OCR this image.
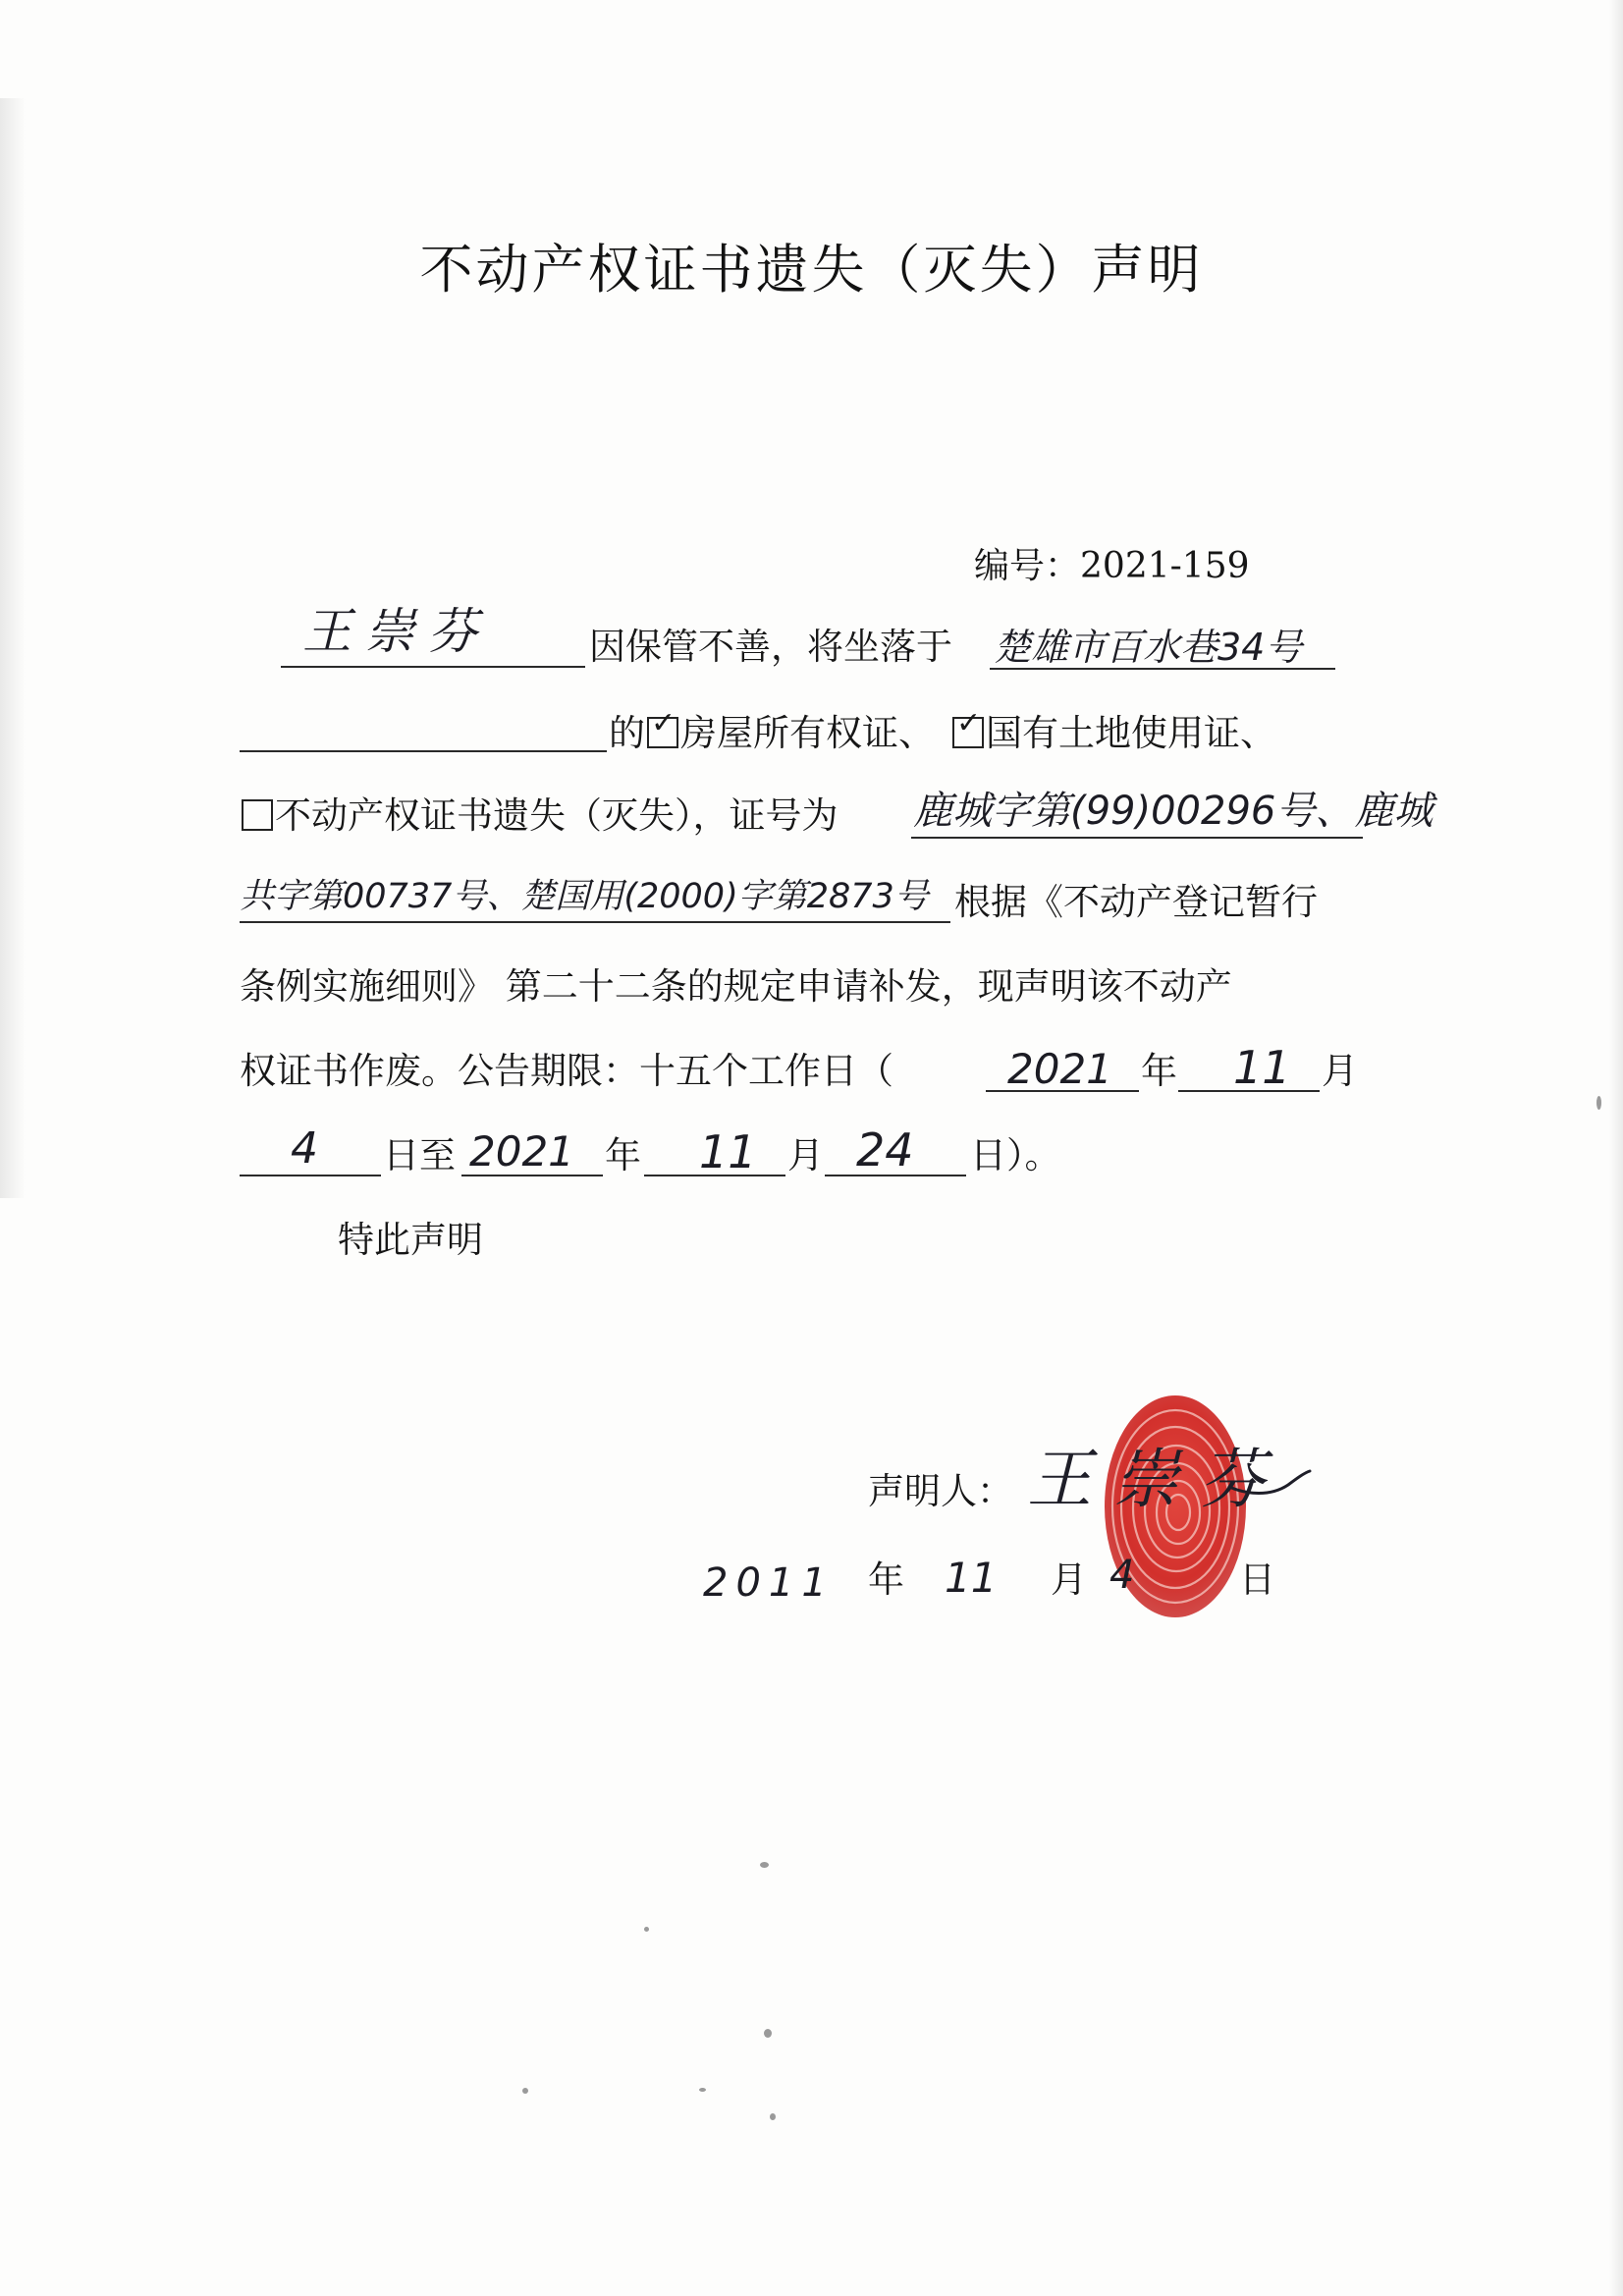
不动产权证书遗失（灭失）声明
编号：2021-159
王崇芬	因保管不善，将坐落于 楚雄市百水巷34号
的 ✓ 房屋所有权证、 ✓ 国有土地使用证、
不动产权证书遗失（灭失），证号为 鹿城字第(99)00296号、鹿城
共字第00737号、楚国用(2000)字第2873号 根据《不动产登记暂行
条例实施细则》 第二十二条的规定申请补发，现声明该不动产
权证书作废。公告期限：十五个工作日（	2021 年 11 月
4 日至 2021 年 11 月 24 日）。
特此声明
声明人： 王崇芬
2011 年 11 月 4	日
